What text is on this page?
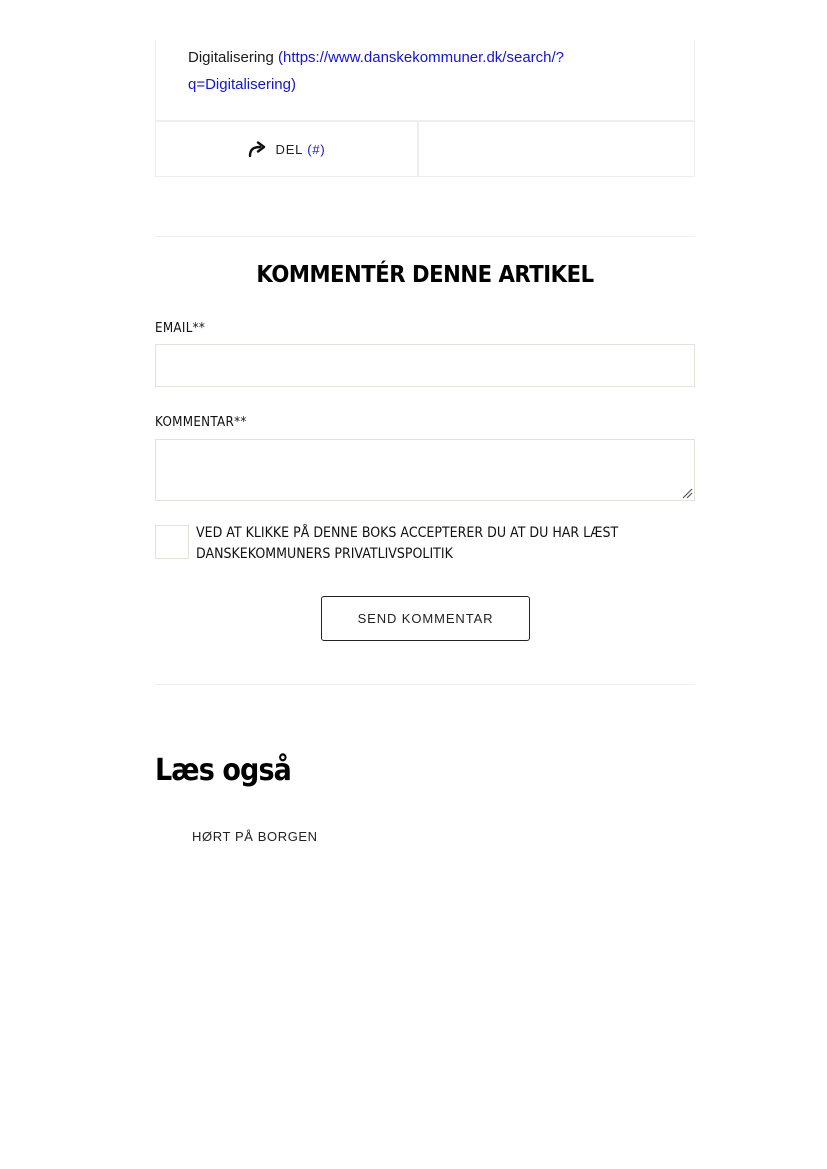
Digitalisering (https://www.danskekommuner.dk/search/?q=Digitalisering)
DEL (#)
KOMMENTÉR DENNE ARTIKEL
EMAIL**
KOMMENTAR**
VED AT KLIKKE PÅ DENNE BOKS ACCEPTERER DU AT DU HAR LÆST DANSKEKOMMUNERS PRIVATLIVSPOLITIK
SEND KOMMENTAR
Læs også
HØRT PÅ BORGEN
